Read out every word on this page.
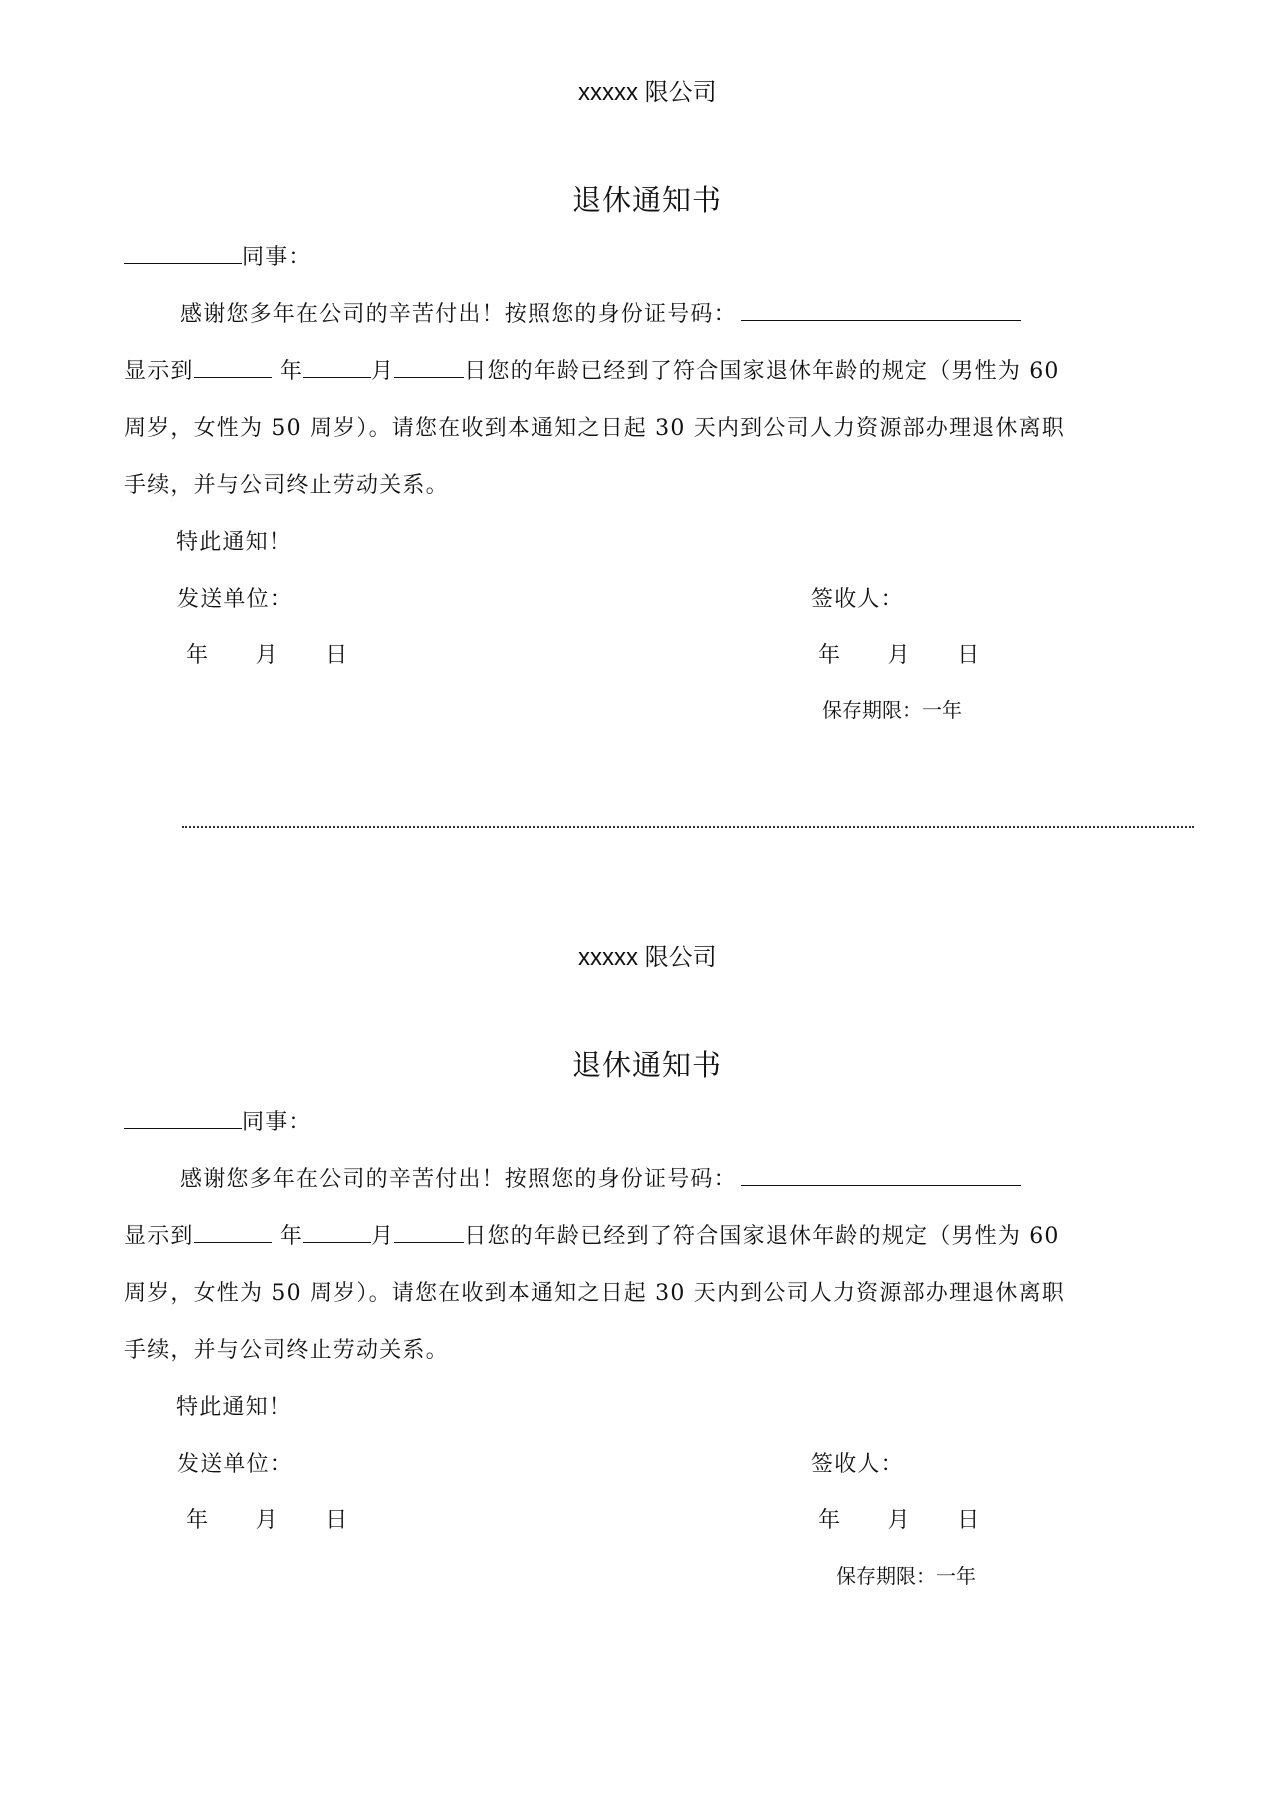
xxxxx 限公司
退休通知书
同事：
感谢您多年在公司的辛苦付出！按照您的身份证号码：
显示到	年	月	日您的年龄已经到了符合国家退休年龄的规定（男性为 60
周岁，女性为 50 周岁）。请您在收到本通知之日起 30 天内到公司人力资源部办理退休离职
手续，并与公司终止劳动关系。
特此通知！
发送单位：
年　　月　　日
签收人：
年　　月　　日
保存期限：一年
xxxxx 限公司
退休通知书
同事：
感谢您多年在公司的辛苦付出！按照您的身份证号码：
显示到	年	月	日您的年龄已经到了符合国家退休年龄的规定（男性为 60
周岁，女性为 50 周岁）。请您在收到本通知之日起 30 天内到公司人力资源部办理退休离职
手续，并与公司终止劳动关系。
特此通知！
发送单位：
年　　月　　日
签收人：
年　　月　　日
保存期限：一年
